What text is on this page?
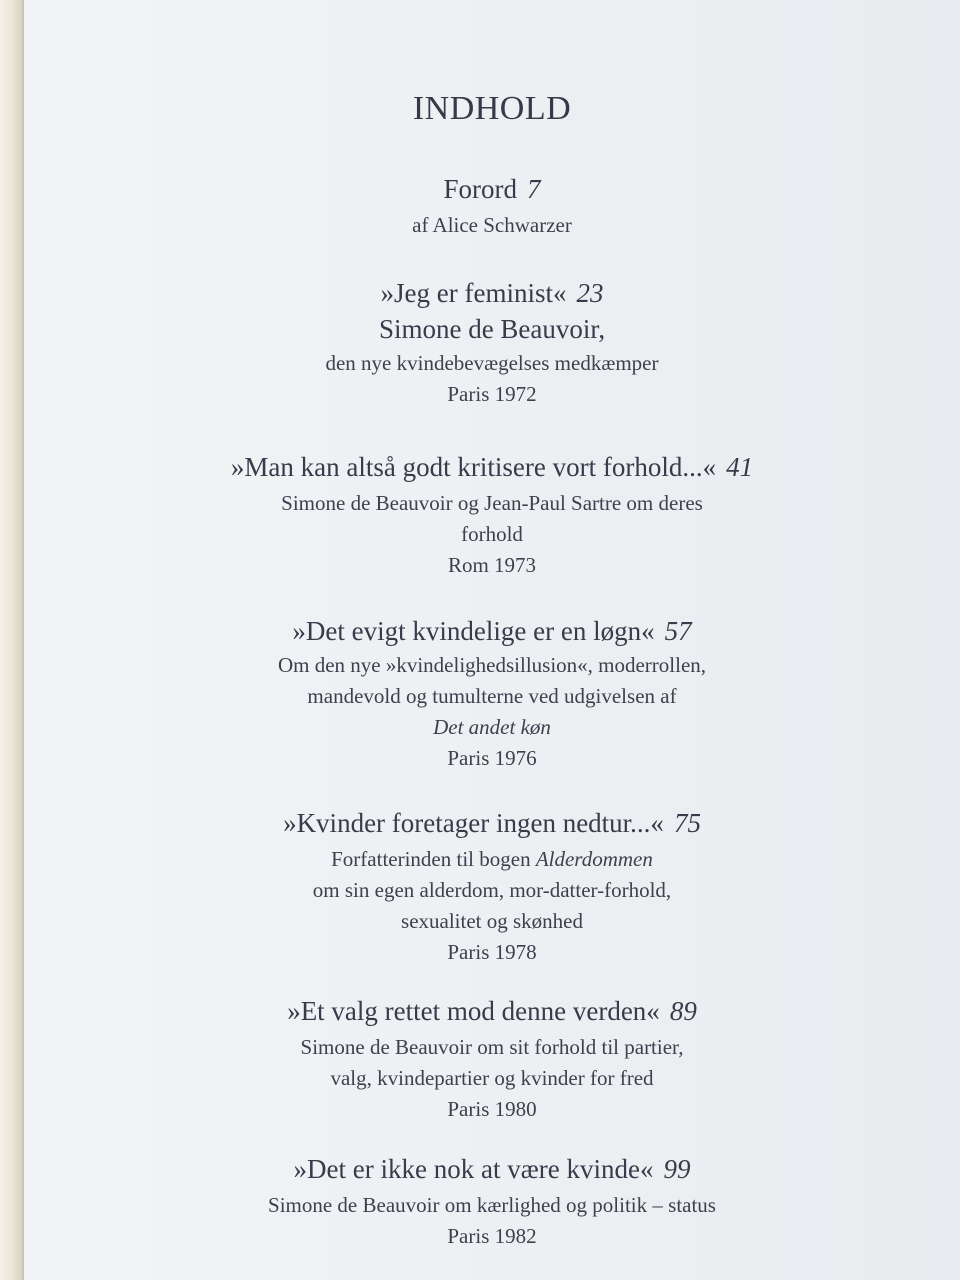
INDHOLD
Forord 7
af Alice Schwarzer
»Jeg er feminist« 23
Simone de Beauvoir,
den nye kvindebevægelses medkæmper
Paris 1972
»Man kan altså godt kritisere vort forhold...« 41
Simone de Beauvoir og Jean-Paul Sartre om deres
forhold
Rom 1973
»Det evigt kvindelige er en løgn« 57
Om den nye »kvindelighedsillusion«, moderrollen,
mandevold og tumulterne ved udgivelsen af
Det andet køn
Paris 1976
»Kvinder foretager ingen nedtur...« 75
Forfatterinden til bogen Alderdommen
om sin egen alderdom, mor-datter-forhold,
sexualitet og skønhed
Paris 1978
»Et valg rettet mod denne verden« 89
Simone de Beauvoir om sit forhold til partier,
valg, kvindepartier og kvinder for fred
Paris 1980
»Det er ikke nok at være kvinde« 99
Simone de Beauvoir om kærlighed og politik – status
Paris 1982
